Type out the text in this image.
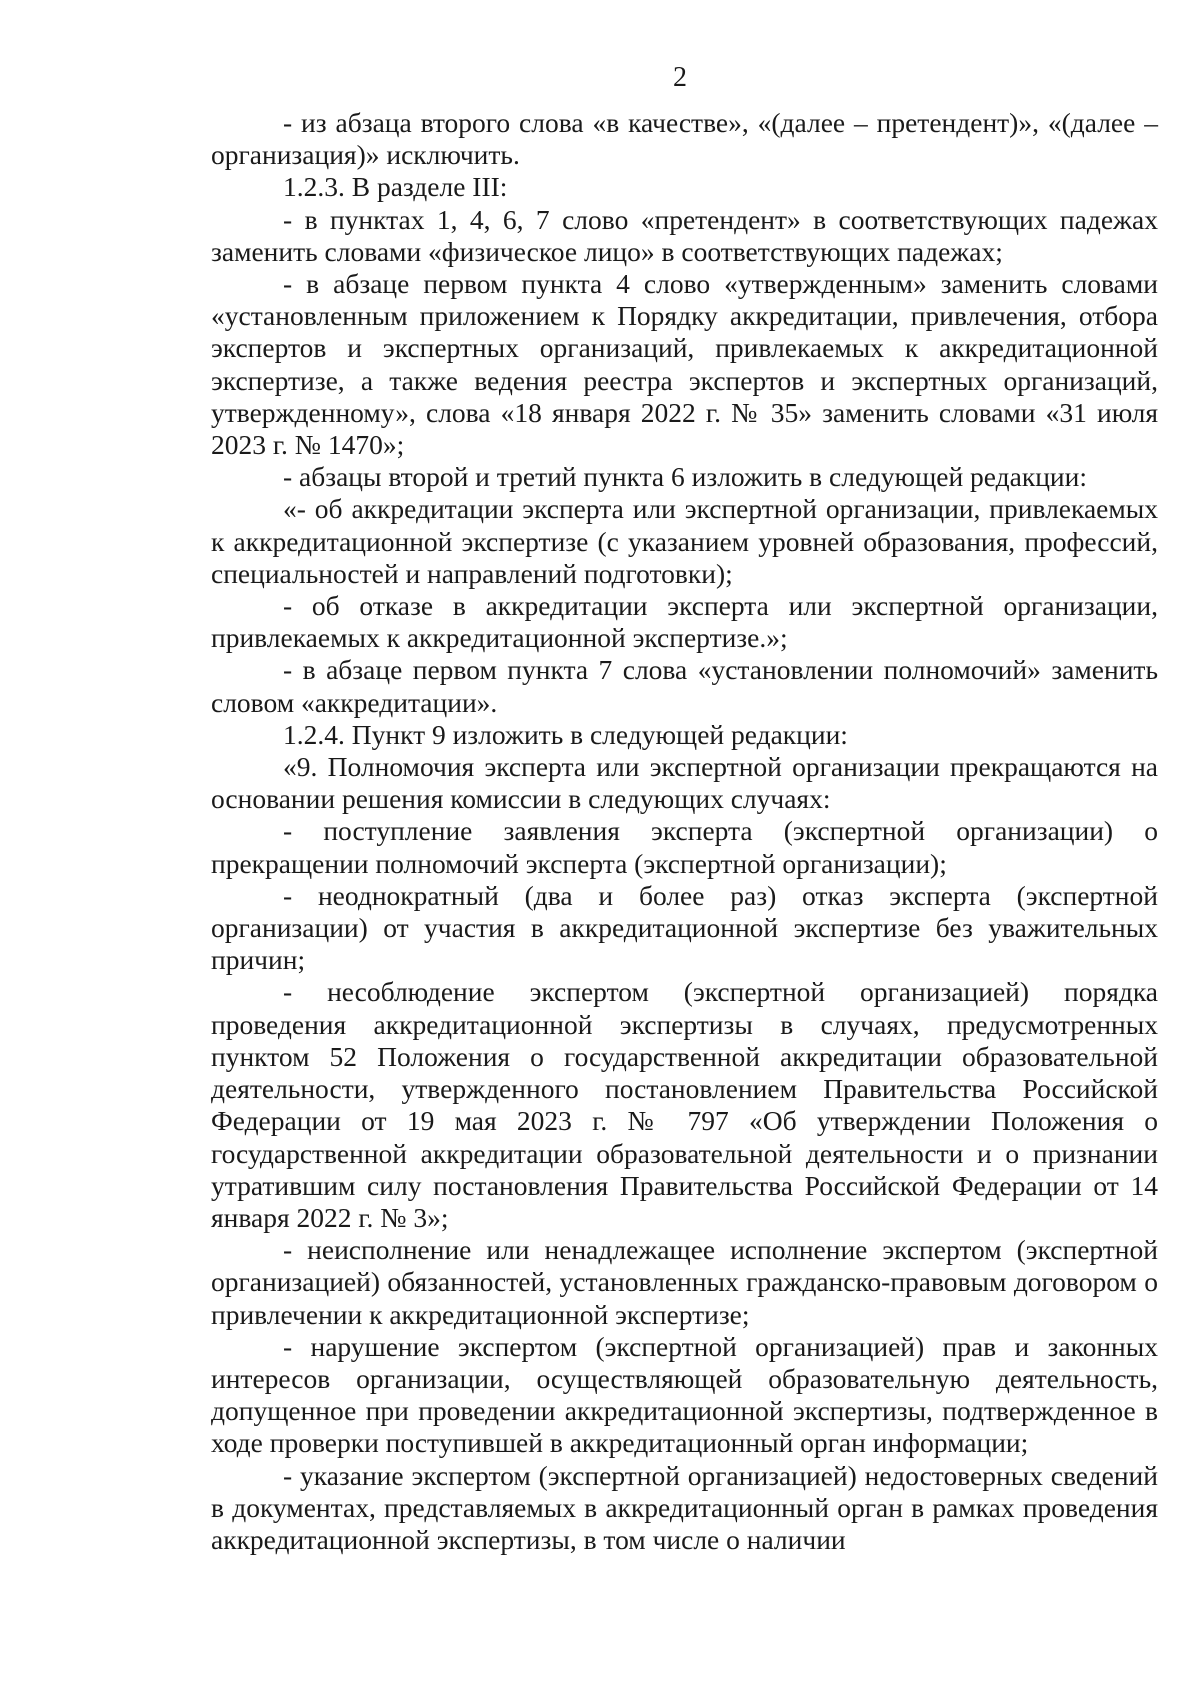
2

- из абзаца второго слова «в качестве», «(далее – претендент)», «(далее – организация)» исключить.

1.2.3. В разделе III:

- в пунктах 1, 4, 6, 7 слово «претендент» в соответствующих падежах заменить словами «физическое лицо» в соответствующих падежах;

- в абзаце первом пункта 4 слово «утвержденным» заменить словами «установленным приложением к Порядку аккредитации, привлечения, отбора экспертов и экспертных организаций, привлекаемых к аккредитационной экспертизе, а также ведения реестра экспертов и экспертных организаций, утвержденному», слова «18 января 2022 г. № 35» заменить словами «31 июля 2023 г. № 1470»;

- абзацы второй и третий пункта 6 изложить в следующей редакции:

«- об аккредитации эксперта или экспертной организации, привлекаемых к аккредитационной экспертизе (с указанием уровней образования, профессий, специальностей и направлений подготовки);

- об отказе в аккредитации эксперта или экспертной организации, привлекаемых к аккредитационной экспертизе.»;

- в абзаце первом пункта 7 слова «установлении полномочий» заменить словом «аккредитации».

1.2.4. Пункт 9 изложить в следующей редакции:

«9. Полномочия эксперта или экспертной организации прекращаются на основании решения комиссии в следующих случаях:

- поступление заявления эксперта (экспертной организации) о прекращении полномочий эксперта (экспертной организации);

- неоднократный (два и более раз) отказ эксперта (экспертной организации) от участия в аккредитационной экспертизе без уважительных причин;

- несоблюдение экспертом (экспертной организацией) порядка проведения аккредитационной экспертизы в случаях, предусмотренных пунктом 52 Положения о государственной аккредитации образовательной деятельности, утвержденного постановлением Правительства Российской Федерации от 19 мая 2023 г. № 797 «Об утверждении Положения о государственной аккредитации образовательной деятельности и о признании утратившим силу постановления Правительства Российской Федерации от 14 января 2022 г. № 3»;

- неисполнение или ненадлежащее исполнение экспертом (экспертной организацией) обязанностей, установленных гражданско-правовым договором о привлечении к аккредитационной экспертизе;

- нарушение экспертом (экспертной организацией) прав и законных интересов организации, осуществляющей образовательную деятельность, допущенное при проведении аккредитационной экспертизы, подтвержденное в ходе проверки поступившей в аккредитационный орган информации;

- указание экспертом (экспертной организацией) недостоверных сведений в документах, представляемых в аккредитационный орган в рамках проведения аккредитационной экспертизы, в том числе о наличии
